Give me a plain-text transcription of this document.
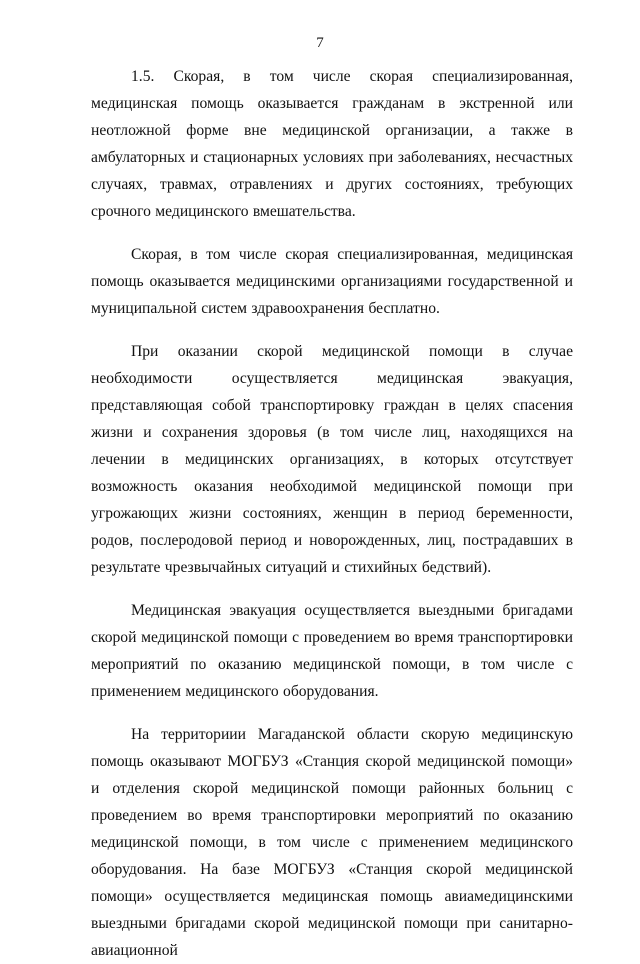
7

1.5. Скорая, в том числе скорая специализированная, медицинская помощь оказывается гражданам в экстренной или неотложной форме вне медицинской организации, а также в амбулаторных и стационарных условиях при заболеваниях, несчастных случаях, травмах, отравлениях и других состояниях, требующих срочного медицинского вмешательства.

Скорая, в том числе скорая специализированная, медицинская помощь оказывается медицинскими организациями государственной и муниципальной систем здравоохранения бесплатно.

При оказании скорой медицинской помощи в случае необходимости осуществляется медицинская эвакуация, представляющая собой транспортировку граждан в целях спасения жизни и сохранения здоровья (в том числе лиц, находящихся на лечении в медицинских организациях, в которых отсутствует возможность оказания необходимой медицинской помощи при угрожающих жизни состояниях, женщин в период беременности, родов, послеродовой период и новорожденных, лиц, пострадавших в результате чрезвычайных ситуаций и стихийных бедствий).

Медицинская эвакуация осуществляется выездными бригадами скорой медицинской помощи с проведением во время транспортировки мероприятий по оказанию медицинской помощи, в том числе с применением медицинского оборудования.

На территориии Магаданской области скорую медицинскую помощь оказывают МОГБУЗ «Станция скорой медицинской помощи» и отделения скорой медицинской помощи районных больниц с проведением во время транспортировки мероприятий по оказанию медицинской помощи, в том числе с применением медицинского оборудования. На базе МОГБУЗ «Станция скорой медицинской помощи» осуществляется медицинская помощь авиамедицинскими выездными бригадами скорой медицинской помощи при санитарно-авиационной
